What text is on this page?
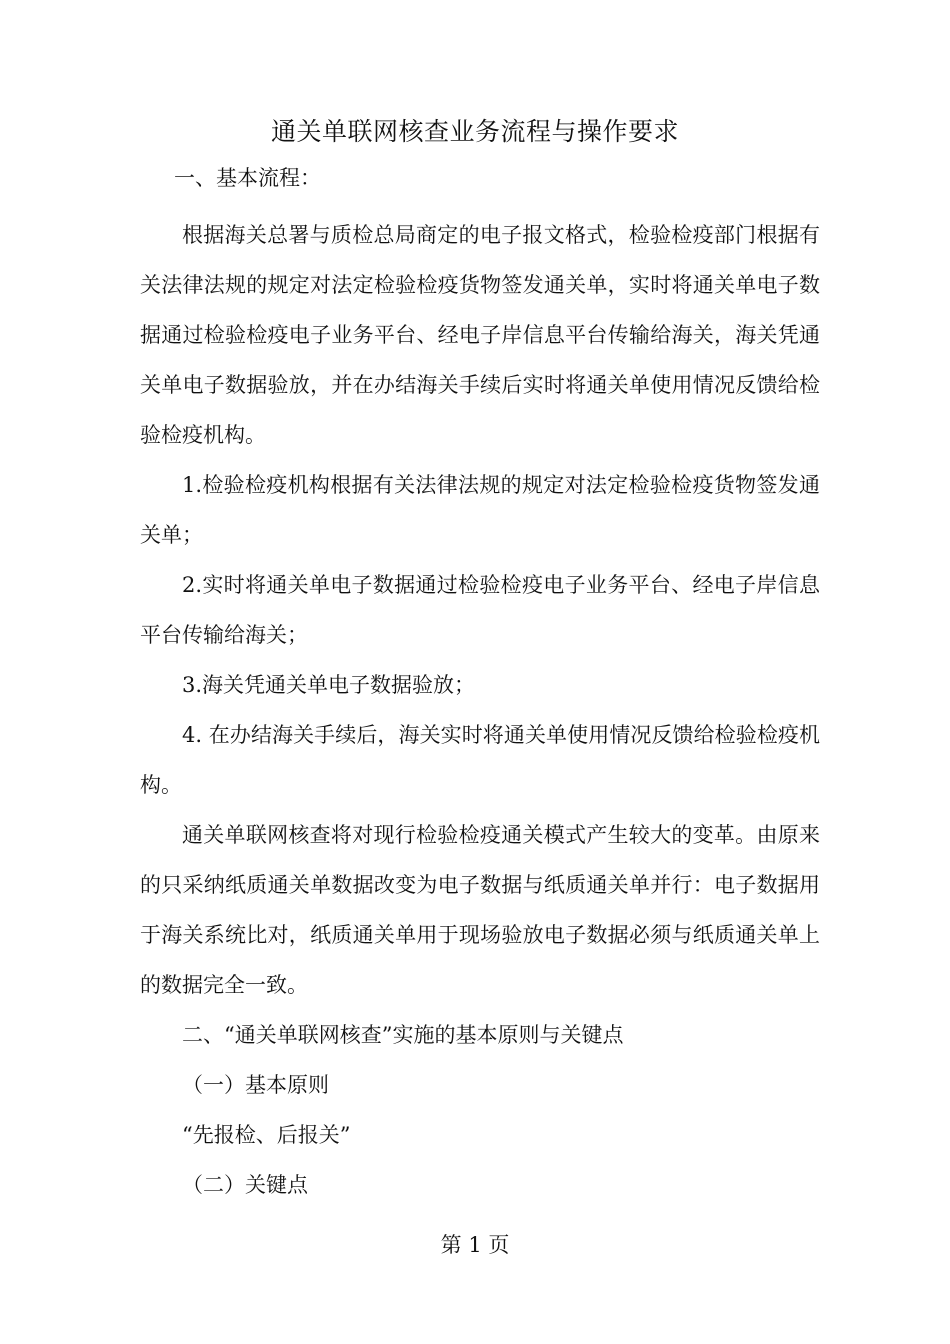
通关单联网核查业务流程与操作要求
一、基本流程：

根据海关总署与质检总局商定的电子报文格式，检验检疫部门根据有关法律法规的规定对法定检验检疫货物签发通关单，实时将通关单电子数据通过检验检疫电子业务平台、经电子岸信息平台传输给海关，海关凭通关单电子数据验放，并在办结海关手续后实时将通关单使用情况反馈给检验检疫机构。

1.检验检疫机构根据有关法律法规的规定对法定检验检疫货物签发通关单；

2.实时将通关单电子数据通过检验检疫电子业务平台、经电子岸信息平台传输给海关；

3.海关凭通关单电子数据验放；

4. 在办结海关手续后，海关实时将通关单使用情况反馈给检验检疫机构。

通关单联网核查将对现行检验检疫通关模式产生较大的变革。由原来的只采纳纸质通关单数据改变为电子数据与纸质通关单并行：电子数据用于海关系统比对，纸质通关单用于现场验放电子数据必须与纸质通关单上的数据完全一致。

二、“通关单联网核查”实施的基本原则与关键点

（一）基本原则

“先报检、后报关”

（二）关键点

第 1 页
